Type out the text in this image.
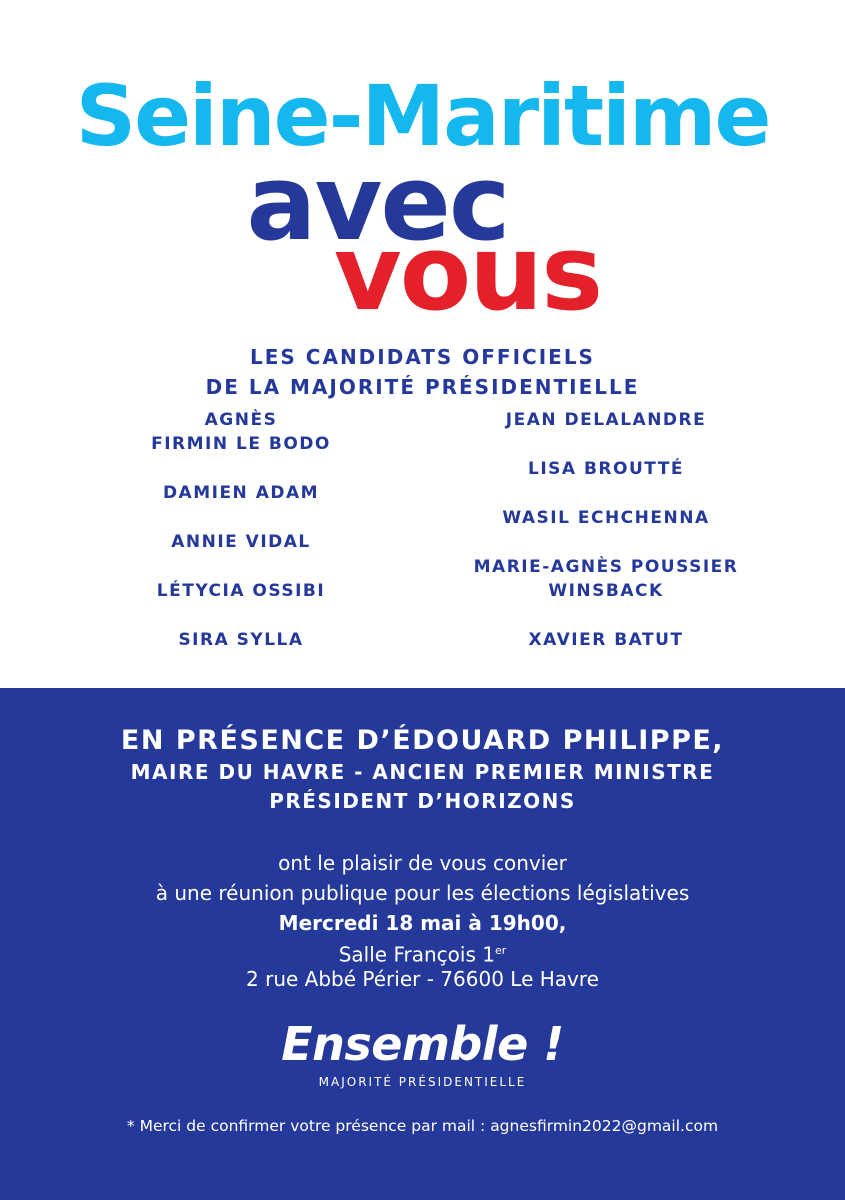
Seine-Maritime
avec
vous
LES CANDIDATS OFFICIELS
DE LA MAJORITÉ PRÉSIDENTIELLE
AGNÈS
FIRMIN LE BODO
DAMIEN ADAM
ANNIE VIDAL
LÉTYCIA OSSIBI
SIRA SYLLA
JEAN DELALANDRE
LISA BROUTTÉ
WASIL ECHCHENNA
MARIE-AGNÈS POUSSIER
WINSBACK
XAVIER BATUT
EN PRÉSENCE D’ÉDOUARD PHILIPPE,
MAIRE DU HAVRE - ANCIEN PREMIER MINISTRE
PRÉSIDENT D’HORIZONS
ont le plaisir de vous convier
à une réunion publique pour les élections législatives
Mercredi 18 mai à 19h00,
Salle François 1er
2 rue Abbé Périer - 76600 Le Havre
Ensemble !
MAJORITÉ PRÉSIDENTIELLE
* Merci de confirmer votre présence par mail : agnesfirmin2022@gmail.com
